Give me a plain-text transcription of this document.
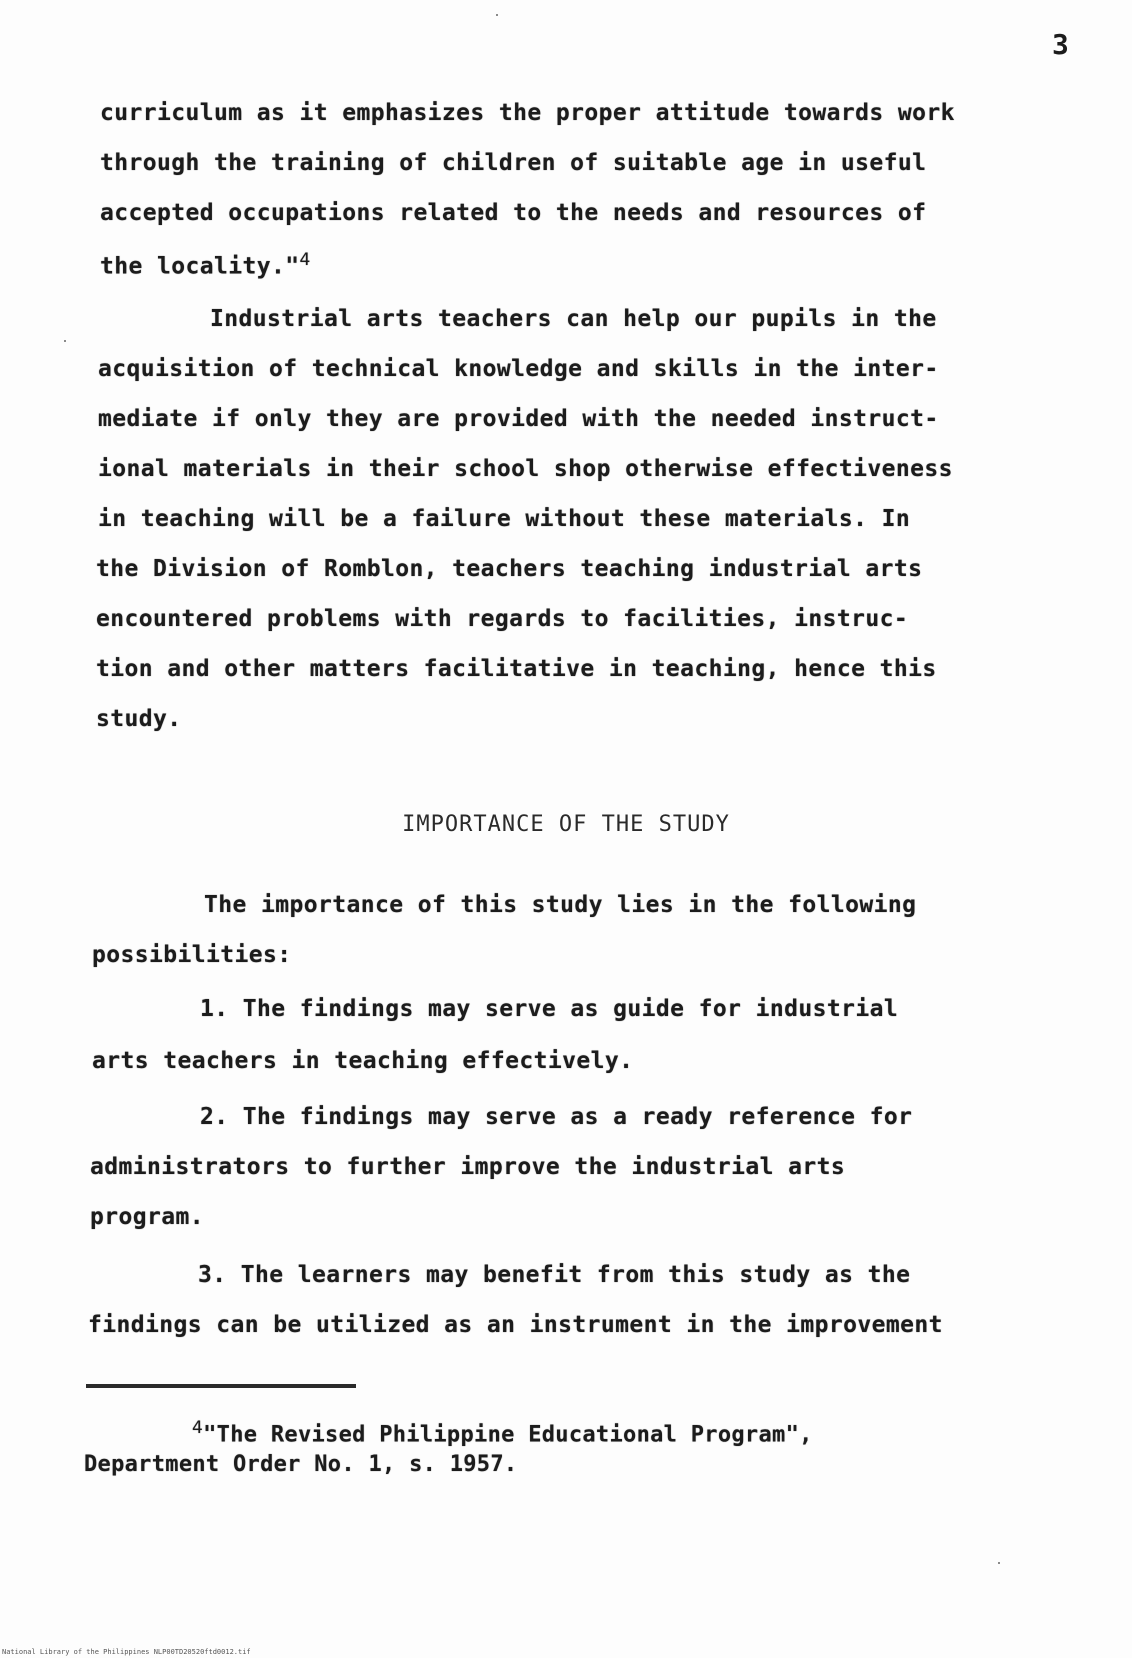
3
curriculum as it emphasizes the proper attitude towards work
through the training of children of suitable age in useful
accepted occupations related to the needs and resources of
the locality."$^4$
Industrial arts teachers can help our pupils in the
acquisition of technical knowledge and skills in the inter-
mediate if only they are provided with the needed instruct-
ional materials in their school shop otherwise effectiveness
in teaching will be a failure without these materials. In
the Division of Romblon, teachers teaching industrial arts
encountered problems with regards to facilities, instruc-
tion and other matters facilitative in teaching, hence this
study.
IMPORTANCE OF THE STUDY
The importance of this study lies in the following
possibilities:
1. The findings may serve as guide for industrial
arts teachers in teaching effectively.
2. The findings may serve as a ready reference for
administrators to further improve the industrial arts
program.
3. The learners may benefit from this study as the
findings can be utilized as an instrument in the improvement
$^4$"The Revised Philippine Educational Program",
Department Order No. 1, s. 1957.
National Library of the Philippines NLP00TD20520ftd0012.tif
